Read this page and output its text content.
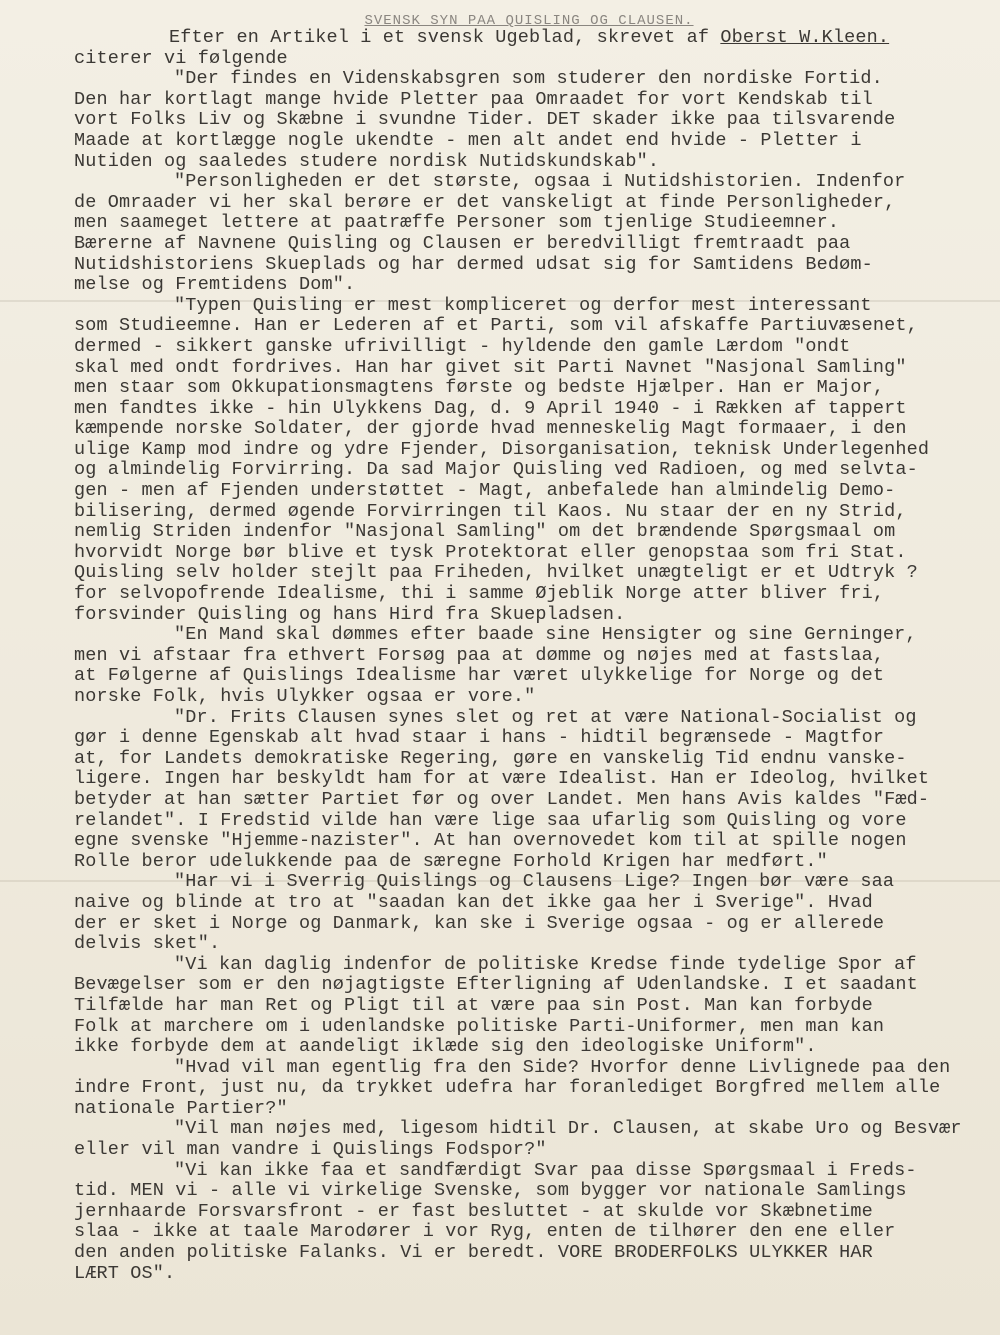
SVENSK SYN PAA QUISLING OG CLAUSEN.
Efter en Artikel i et svensk Ugeblad, skrevet af Oberst W.Kleen.
citerer vi følgende
"Der findes en Videnskabsgren som studerer den nordiske Fortid.
Den har kortlagt mange hvide Pletter paa Omraadet for vort Kendskab til
vort Folks Liv og Skæbne i svundne Tider. DET skader ikke paa tilsvarende
Maade at kortlægge nogle ukendte - men alt andet end hvide - Pletter i
Nutiden og saaledes studere nordisk Nutidskundskab".
"Personligheden er det største, ogsaa i Nutidshistorien. Indenfor
de Omraader vi her skal berøre er det vanskeligt at finde Personligheder,
men saameget lettere at paatræffe Personer som tjenlige Studieemner.
Bærerne af Navnene Quisling og Clausen er beredvilligt fremtraadt paa
Nutidshistoriens Skueplads og har dermed udsat sig for Samtidens Bedøm-
melse og Fremtidens Dom".
"Typen Quisling er mest kompliceret og derfor mest interessant
som Studieemne. Han er Lederen af et Parti, som vil afskaffe Partiuvæsenet,
dermed - sikkert ganske ufrivilligt - hyldende den gamle Lærdom "ondt
skal med ondt fordrives. Han har givet sit Parti Navnet "Nasjonal Samling"
men staar som Okkupationsmagtens første og bedste Hjælper. Han er Major,
men fandtes ikke - hin Ulykkens Dag, d. 9 April 1940 - i Rækken af tappert
kæmpende norske Soldater, der gjorde hvad menneskelig Magt formaaer, i den
ulige Kamp mod indre og ydre Fjender, Disorganisation, teknisk Underlegenhed
og almindelig Forvirring. Da sad Major Quisling ved Radioen, og med selvta-
gen - men af Fjenden understøttet - Magt, anbefalede han almindelig Demo-
bilisering, dermed øgende Forvirringen til Kaos. Nu staar der en ny Strid,
nemlig Striden indenfor "Nasjonal Samling" om det brændende Spørgsmaal om
hvorvidt Norge bør blive et tysk Protektorat eller genopstaa som fri Stat.
Quisling selv holder stejlt paa Friheden, hvilket unægteligt er et Udtryk ?
for selvopofrende Idealisme, thi i samme Øjeblik Norge atter bliver fri,
forsvinder Quisling og hans Hird fra Skuepladsen.
"En Mand skal dømmes efter baade sine Hensigter og sine Gerninger,
men vi afstaar fra ethvert Forsøg paa at dømme og nøjes med at fastslaa,
at Følgerne af Quislings Idealisme har været ulykkelige for Norge og det
norske Folk, hvis Ulykker ogsaa er vore."
"Dr. Frits Clausen synes slet og ret at være National-Socialist og
gør i denne Egenskab alt hvad staar i hans - hidtil begrænsede - Magtfor
at, for Landets demokratiske Regering, gøre en vanskelig Tid endnu vanske-
ligere. Ingen har beskyldt ham for at være Idealist. Han er Ideolog, hvilket
betyder at han sætter Partiet før og over Landet. Men hans Avis kaldes "Fæd-
relandet". I Fredstid vilde han være lige saa ufarlig som Quisling og vore
egne svenske "Hjemme-nazister". At han overnovedet kom til at spille nogen
Rolle beror udelukkende paa de særegne Forhold Krigen har medført."
"Har vi i Sverrig Quislings og Clausens Lige? Ingen bør være saa
naive og blinde at tro at "saadan kan det ikke gaa her i Sverige". Hvad
der er sket i Norge og Danmark, kan ske i Sverige ogsaa - og er allerede
delvis sket".
"Vi kan daglig indenfor de politiske Kredse finde tydelige Spor af
Bevægelser som er den nøjagtigste Efterligning af Udenlandske. I et saadant
Tilfælde har man Ret og Pligt til at være paa sin Post. Man kan forbyde
Folk at marchere om i udenlandske politiske Parti-Uniformer, men man kan
ikke forbyde dem at aandeligt iklæde sig den ideologiske Uniform".
"Hvad vil man egentlig fra den Side? Hvorfor denne Livlignede paa den
indre Front, just nu, da trykket udefra har foranlediget Borgfred mellem alle
nationale Partier?"
"Vil man nøjes med, ligesom hidtil Dr. Clausen, at skabe Uro og Besvær
eller vil man vandre i Quislings Fodspor?"
"Vi kan ikke faa et sandfærdigt Svar paa disse Spørgsmaal i Freds-
tid. MEN vi - alle vi virkelige Svenske, som bygger vor nationale Samlings
jernhaarde Forsvarsfront - er fast besluttet - at skulde vor Skæbnetime
slaa - ikke at taale Marodører i vor Ryg, enten de tilhører den ene eller
den anden politiske Falanks. Vi er beredt. VORE BRODERFOLKS ULYKKER HAR
LÆRT OS".
